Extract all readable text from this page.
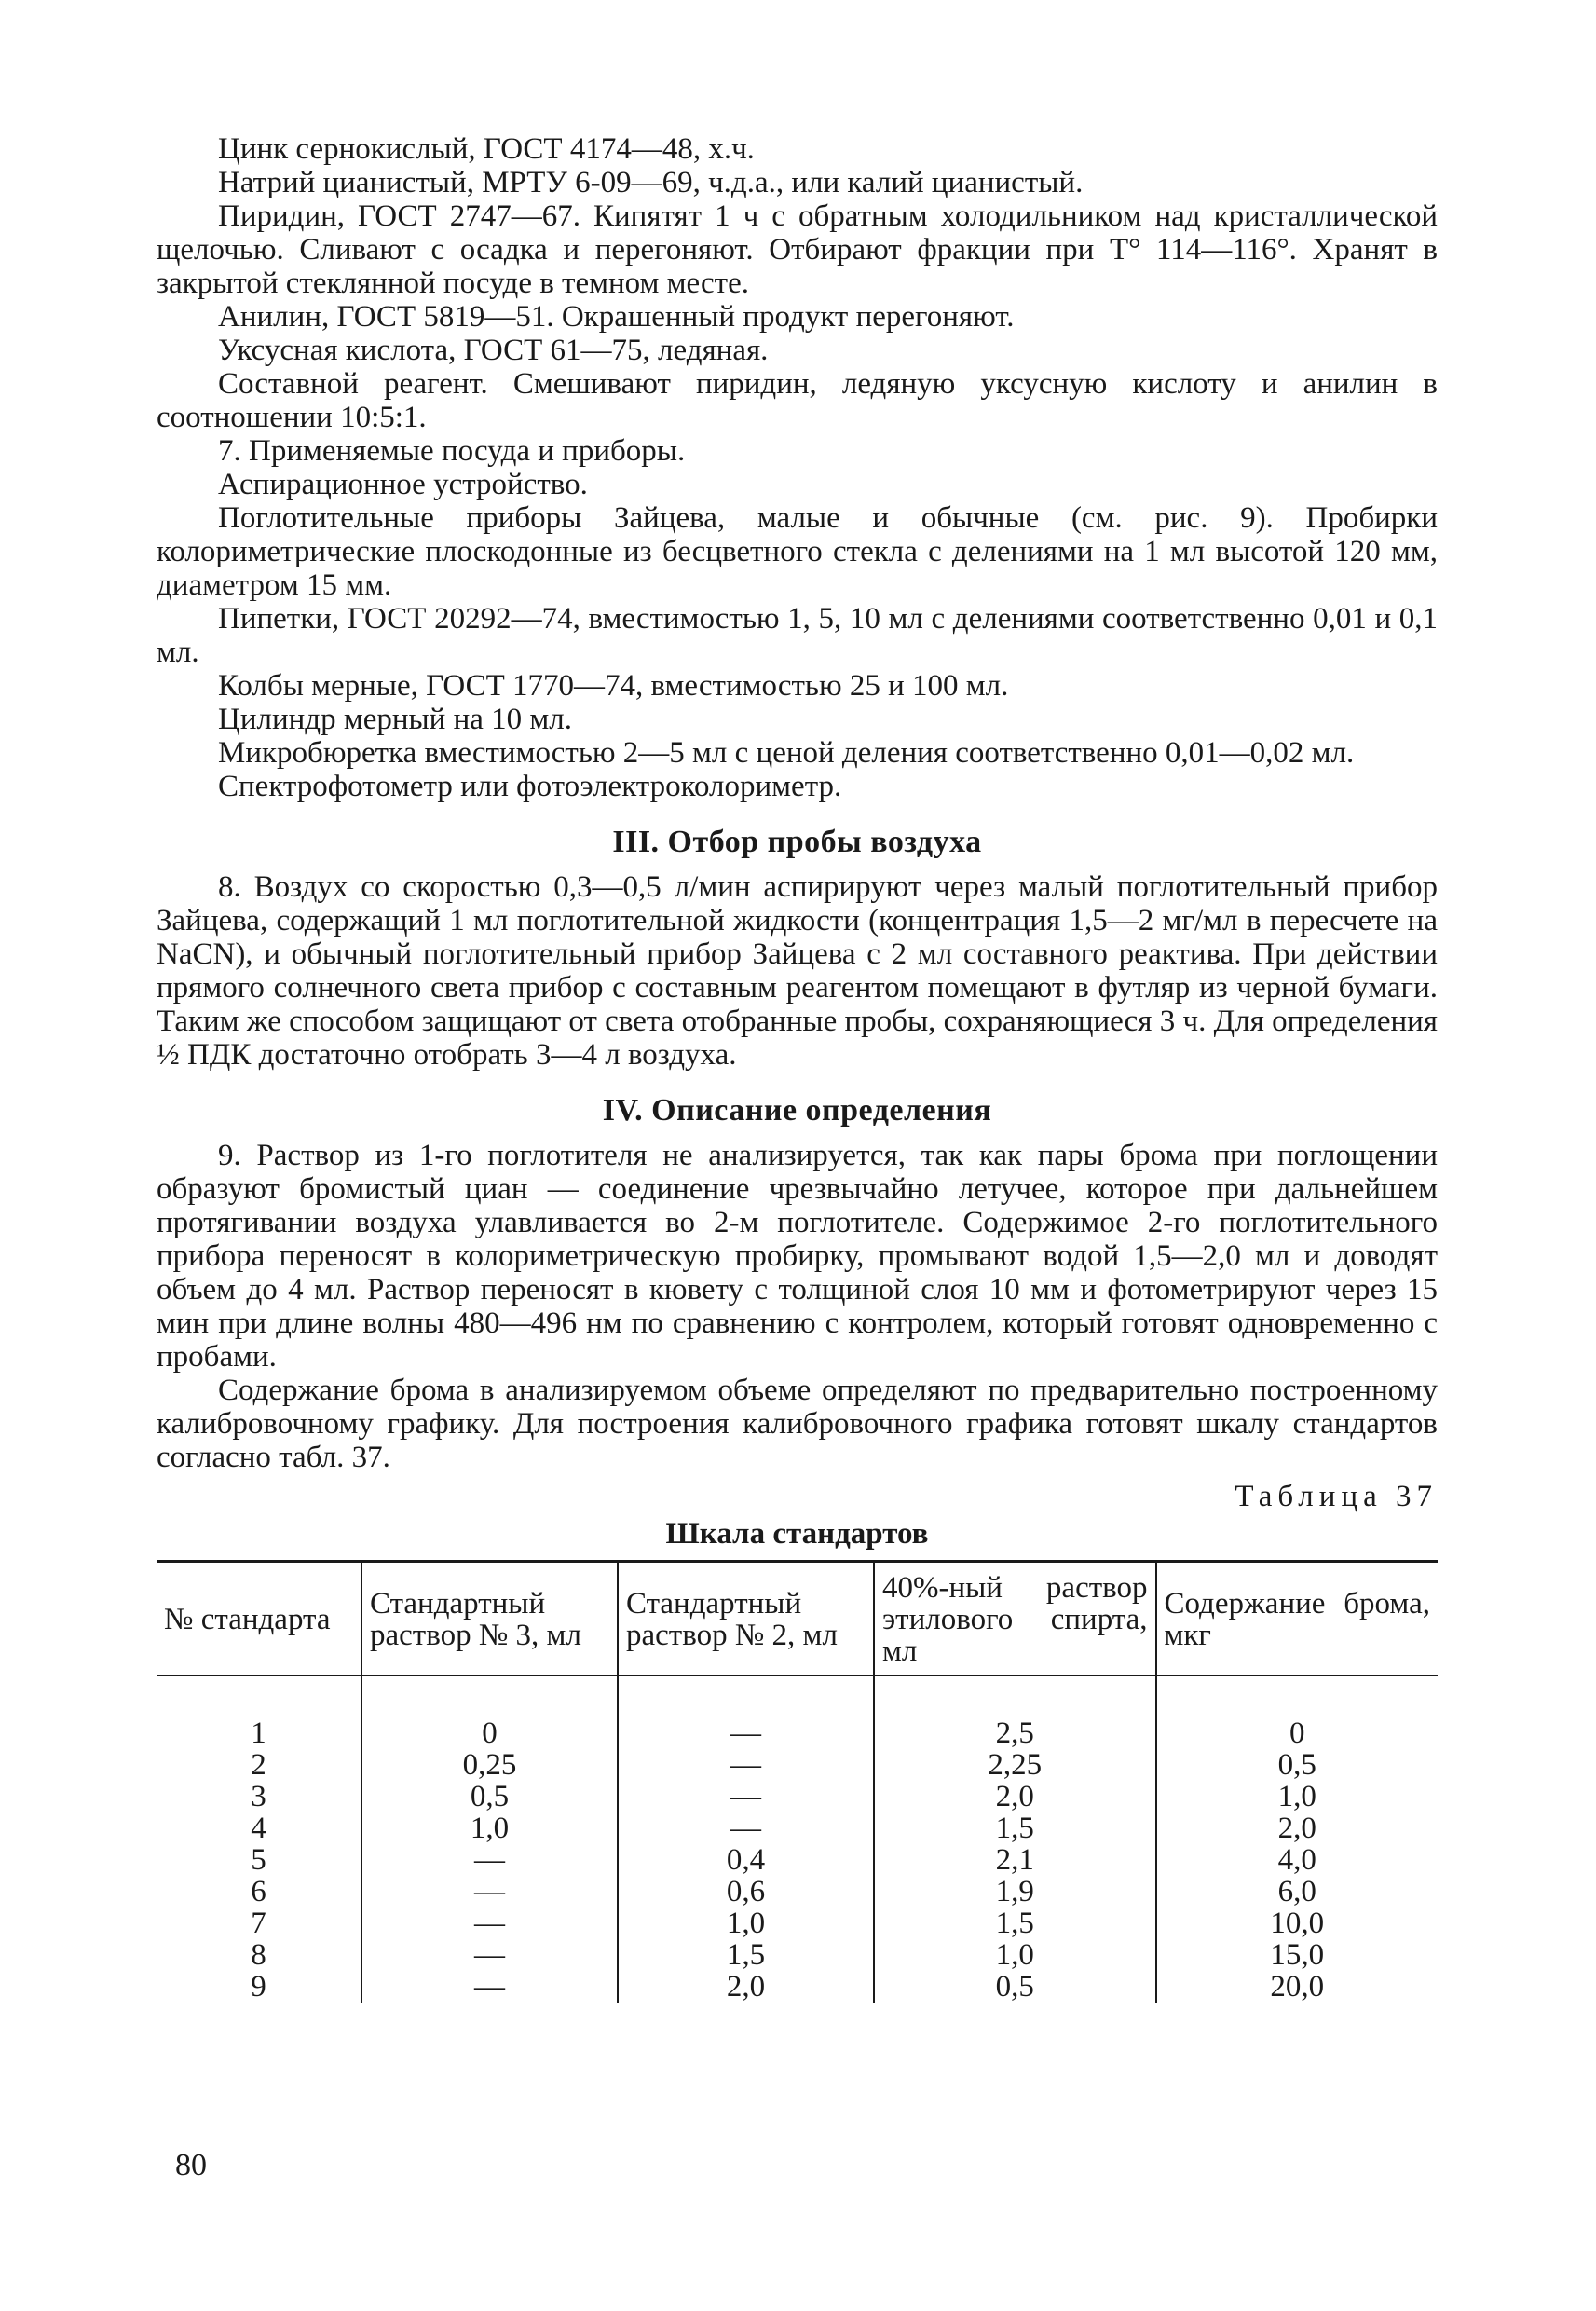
Цинк сернокислый, ГОСТ 4174—48, х.ч.

Натрий цианистый, МРТУ 6-09—69, ч.д.а., или калий цианистый.

Пиридин, ГОСТ 2747—67. Кипятят 1 ч с обратным холодильником над кристаллической щелочью. Сливают с осадка и перегоняют. Отбирают фракции при Т° 114—116°. Хранят в закрытой стеклянной посуде в темном месте.

Анилин, ГОСТ 5819—51. Окрашенный продукт перегоняют.

Уксусная кислота, ГОСТ 61—75, ледяная.

Составной реагент. Смешивают пиридин, ледяную уксусную кислоту и анилин в соотношении 10:5:1.

7. Применяемые посуда и приборы.

Аспирационное устройство.

Поглотительные приборы Зайцева, малые и обычные (см. рис. 9). Пробирки колориметрические плоскодонные из бесцветного стекла с делениями на 1 мл высотой 120 мм, диаметром 15 мм.

Пипетки, ГОСТ 20292—74, вместимостью 1, 5, 10 мл с делениями соответственно 0,01 и 0,1 мл.

Колбы мерные, ГОСТ 1770—74, вместимостью 25 и 100 мл.

Цилиндр мерный на 10 мл.

Микробюретка вместимостью 2—5 мл с ценой деления соответственно 0,01—0,02 мл.

Спектрофотометр или фотоэлектроколориметр.

III. Отбор пробы воздуха

8. Воздух со скоростью 0,3—0,5 л/мин аспирируют через малый поглотительный прибор Зайцева, содержащий 1 мл поглотительной жидкости (концентрация 1,5—2 мг/мл в пересчете на NaCN), и обычный поглотительный прибор Зайцева с 2 мл составного реактива. При действии прямого солнечного света прибор с составным реагентом помещают в футляр из черной бумаги. Таким же способом защищают от света отобранные пробы, сохраняющиеся 3 ч. Для определения ½ ПДК достаточно отобрать 3—4 л воздуха.

IV. Описание определения

9. Раствор из 1-го поглотителя не анализируется, так как пары брома при поглощении образуют бромистый циан — соединение чрезвычайно летучее, которое при дальнейшем протягивании воздуха улавливается во 2-м поглотителе. Содержимое 2-го поглотительного прибора переносят в колориметрическую пробирку, промывают водой 1,5—2,0 мл и доводят объем до 4 мл. Раствор переносят в кювету с толщиной слоя 10 мм и фотометрируют через 15 мин при длине волны 480—496 нм по сравнению с контролем, который готовят одновременно с пробами.

Содержание брома в анализируемом объеме определяют по предварительно построенному калибровочному графику. Для построения калибровочного графика готовят шкалу стандартов согласно табл. 37.

Таблица 37
Шкала стандартов
№ стандарта	Стандартный раствор № 3, мл	Стандартный раствор № 2, мл	40%-ный раствор этилового спирта, мл	Содержание брома, мкг

1	0	—	2,5	0
2	0,25	—	2,25	0,5
3	0,5	—	2,0	1,0
4	1,0	—	1,5	2,0
5	—	0,4	2,1	4,0
6	—	0,6	1,9	6,0
7	—	1,0	1,5	10,0
8	—	1,5	1,0	15,0
9	—	2,0	0,5	20,0
80
